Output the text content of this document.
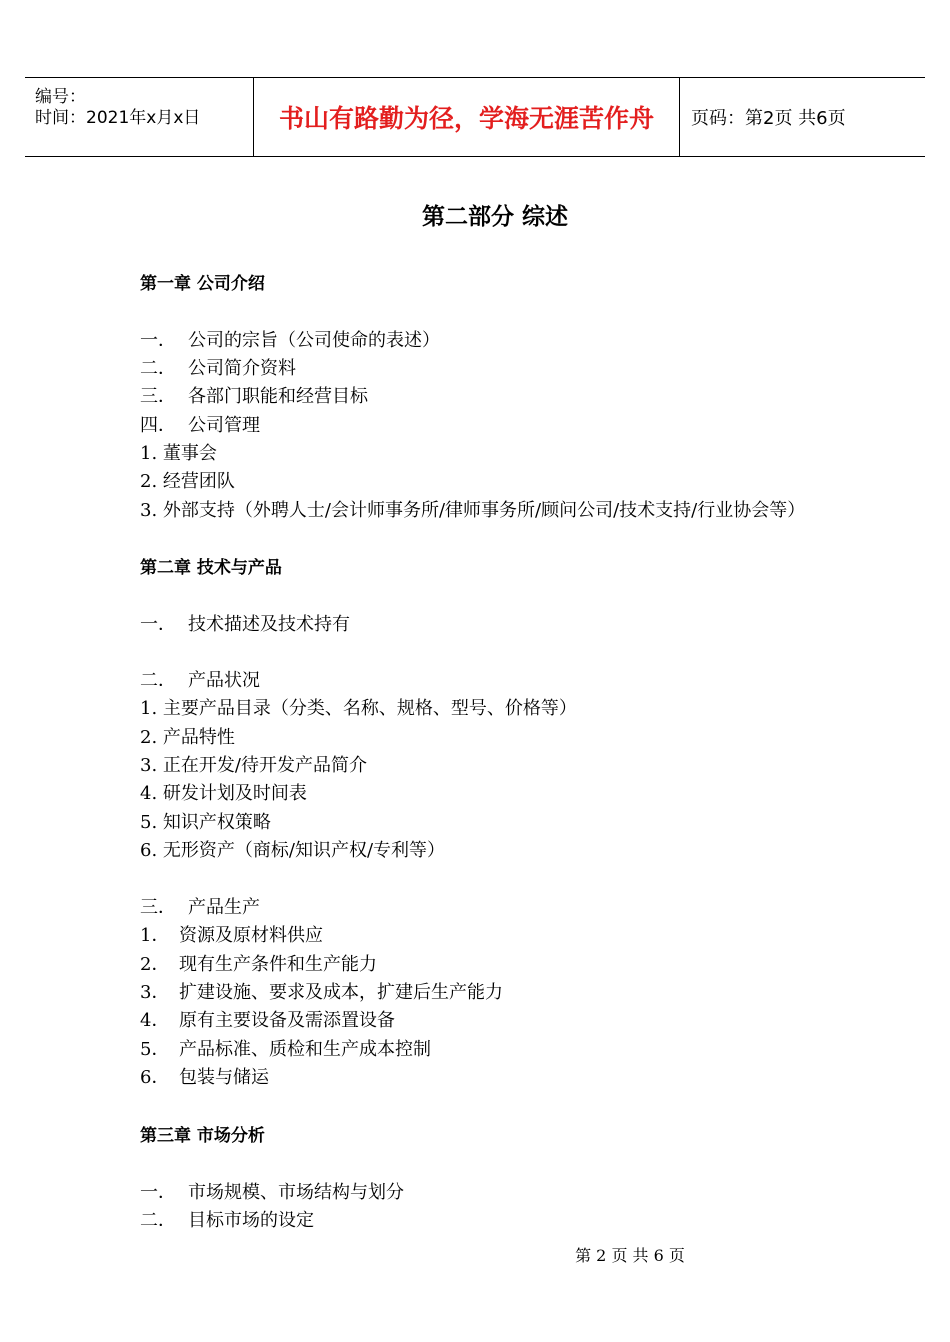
编号：
时间：2021年x月x日	书山有路勤为径，学海无涯苦作舟	页码：第2页 共6页
第二部分 综述
第一章 公司介绍
一． 公司的宗旨（公司使命的表述）
二． 公司简介资料
三． 各部门职能和经营目标
四． 公司管理
1. 董事会
2. 经营团队
3. 外部支持（外聘人士/会计师事务所/律师事务所/顾问公司/技术支持/行业协会等）
第二章 技术与产品
一． 技术描述及技术持有
二． 产品状况
1. 主要产品目录（分类、名称、规格、型号、价格等）
2. 产品特性
3. 正在开发/待开发产品简介
4. 研发计划及时间表
5. 知识产权策略
6. 无形资产（商标/知识产权/专利等）
三． 产品生产
1． 资源及原材料供应
2． 现有生产条件和生产能力
3． 扩建设施、要求及成本，扩建后生产能力
4． 原有主要设备及需添置设备
5． 产品标准、质检和生产成本控制
6． 包装与储运
第三章 市场分析
一． 市场规模、市场结构与划分
二． 目标市场的设定
第 2 页 共 6 页
